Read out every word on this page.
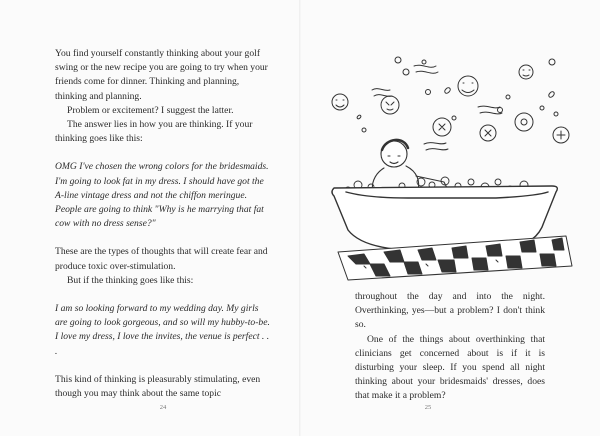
You find yourself constantly thinking about your golf swing or the new recipe you are going to try when your friends come for dinner. Thinking and planning, thinking and planning.

Problem or excitement? I suggest the latter.

The answer lies in how you are thinking. If your thinking goes like this:

OMG I've chosen the wrong colors for the bridesmaids. I'm going to look fat in my dress. I should have got the A-line vintage dress and not the chiffon meringue. People are going to think "Why is he marrying that fat cow with no dress sense?"

These are the types of thoughts that will create fear and produce toxic over-stimulation.

But if the thinking goes like this:

I am so looking forward to my wedding day. My girls are going to look gorgeous, and so will my hubby-to-be. I love my dress, I love the invites, the venue is perfect . . .

This kind of thinking is pleasurably stimulating, even though you may think about the same topic

24

throughout the day and into the night. Overthinking, yes—but a problem? I don't think so.

One of the things about overthinking that clinicians get concerned about is if it is disturbing your sleep. If you spend all night thinking about your bridesmaids' dresses, does that make it a problem?

25
